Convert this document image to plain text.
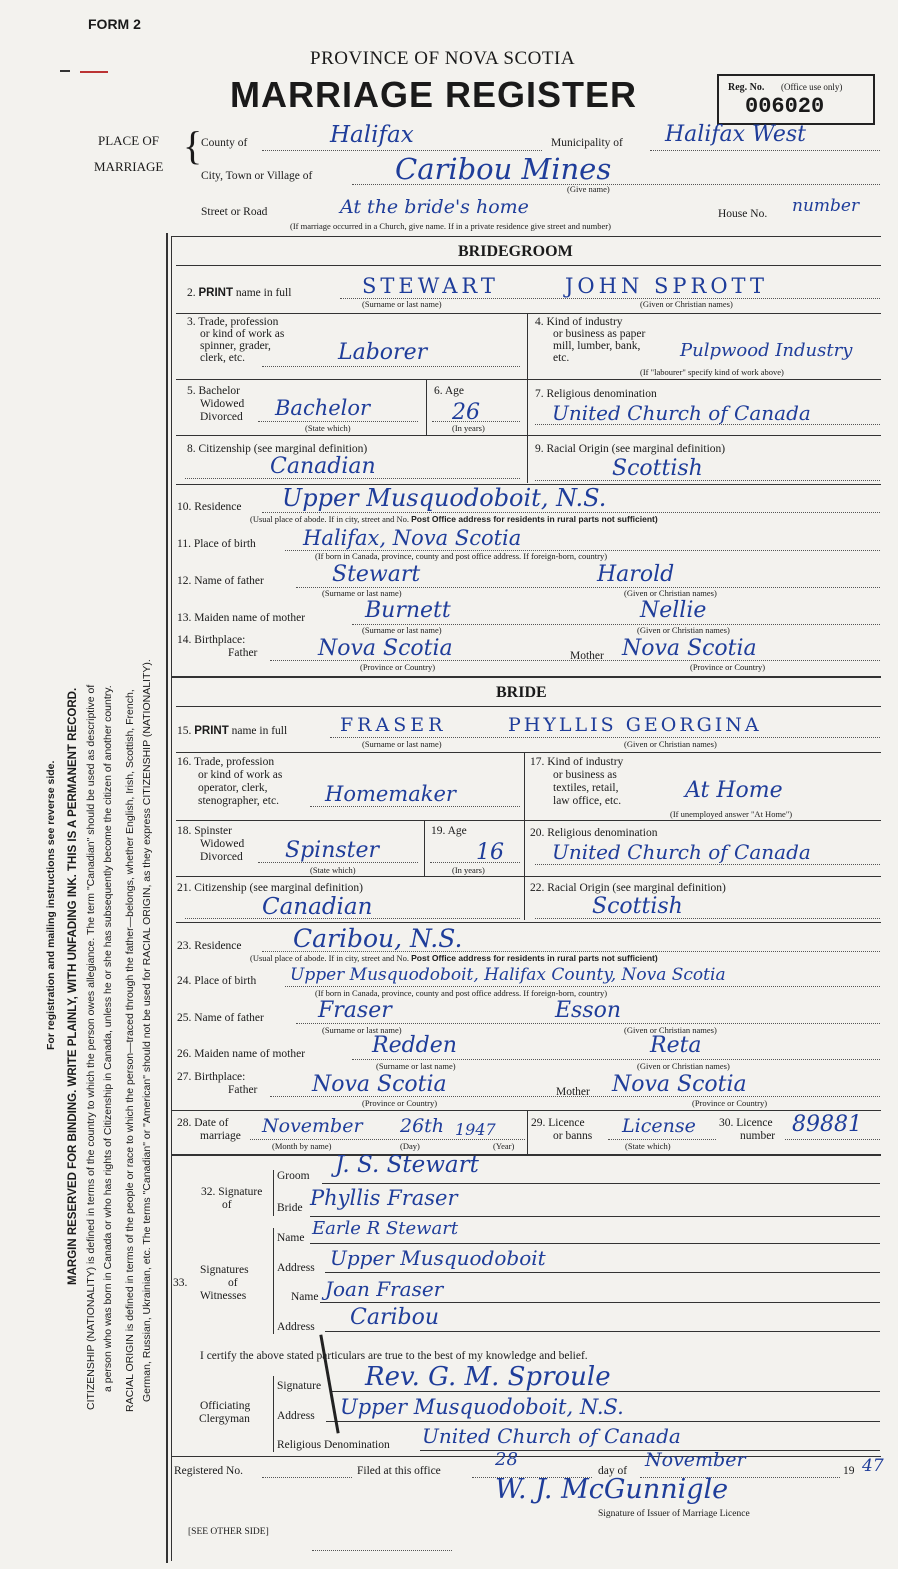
FORM 2
PROVINCE OF NOVA SCOTIA
MARRIAGE REGISTER	Reg. No. (Office use only)
006020
PLACE OF
MARRIAGE {
County of	Halifax	Municipality of Halifax West
City, Town or Village of	Caribou Mines
(Give name)
Street or Road	At the bride's home	House No. number
(If marriage occurred in a Church, give name. If in a private residence give street and number)
For registration and mailing instructions see reverse side. MARGIN RESERVED FOR BINDING. WRITE PLAINLY, WITH UNFADING INK. THIS IS A PERMANENT RECORD. CITIZENSHIP (NATIONALITY) is defined in terms of the country to which the person owes allegiance. The term "Canadian" should be used as descriptive of a person who was born in Canada or who has rights of Citizenship in Canada, unless he or she has subsequently become the citizen of another country. RACIAL ORIGIN is defined in terms of the people or race to which the person—traced through the father—belongs, whether English, Irish, Scottish, French, German, Russian, Ukrainian, etc. The terms "Canadian" or "American" should not be used for RACIAL ORIGIN, as they express CITIZENSHIP (NATIONALITY).
BRIDEGROOM
2. PRINT name in full	STEWART	JOHN SPROTT
(Surname or last name)	(Given or Christian names)
3. Trade, profession
or kind of work as
spinner, grader,
clerk, etc.	Laborer
4. Kind of industry
or business as paper
mill, lumber, bank,
etc.	Pulpwood Industry
(If "labourer" specify kind of work above)
5. Bachelor
Widowed
Divorced Bachelor
(State which)
6. Age
26
(In years)
7. Religious denomination
United Church of Canada
8. Citizenship (see marginal definition)
Canadian
9. Racial Origin (see marginal definition)
Scottish
10. Residence Upper Musquodoboit, N.S.
(Usual place of abode. If in city, street and No. Post Office address for residents in rural parts not sufficient)
11. Place of birth Halifax, Nova Scotia
(If born in Canada, province, county and post office address. If foreign-born, country)
12. Name of father	Stewart	Harold
(Surname or last name)	(Given or Christian names)
13. Maiden name of mother	Burnett	Nellie
(Surname or last name)	(Given or Christian names)
14. Birthplace:
Father	Nova Scotia	Mother Nova Scotia
(Province or Country)	(Province or Country)
BRIDE
15. PRINT name in full	FRASER	PHYLLIS GEORGINA
(Surname or last name)	(Given or Christian names)
16. Trade, profession
or kind of work as
operator, clerk,
stenographer, etc. Homemaker
17. Kind of industry
or business as
textiles, retail,
law office, etc.	At Home
(If unemployed answer "At Home")
18. Spinster
Widowed
Divorced Spinster
(State which)
19. Age
16
(In years)
20. Religious denomination
United Church of Canada
21. Citizenship (see marginal definition)
Canadian
22. Racial Origin (see marginal definition)
Scottish
23. Residence Caribou, N.S.
(Usual place of abode. If in city, street and No. Post Office address for residents in rural parts not sufficient)
24. Place of birth Upper Musquodoboit, Halifax County, Nova Scotia
(If born in Canada, province, county and post office address. If foreign-born, country)
25. Name of father Fraser	Esson
(Surname or last name)	(Given or Christian names)
26. Maiden name of mother	Redden	Reta
(Surname or last name)	(Given or Christian names)
27. Birthplace:
Father Nova Scotia	Mother Nova Scotia
(Province or Country)	(Province or Country)
28. Date of
marriage November 26th 1947
(Month by name)	(Day)	(Year)
29. Licence
or banns License
(State which)
30. Licence
number 89881
32. Signature
of
Groom J. S. Stewart
Bride Phyllis Fraser
Signatures
of
33.
Witnesses
Name Earle R Stewart
Address Upper Musquodoboit
Name Joan Fraser
Address Caribou
I certify the above stated particulars are true to the best of my knowledge and belief.
Officiating
Clergyman
Signature Rev. G. M. Sproule
Address Upper Musquodoboit, N.S.
Religious Denomination United Church of Canada
Registered No.	Filed at this office
28
day of November	19 47
W. J. McGunnigle
Signature of Issuer of Marriage Licence
[SEE OTHER SIDE]
